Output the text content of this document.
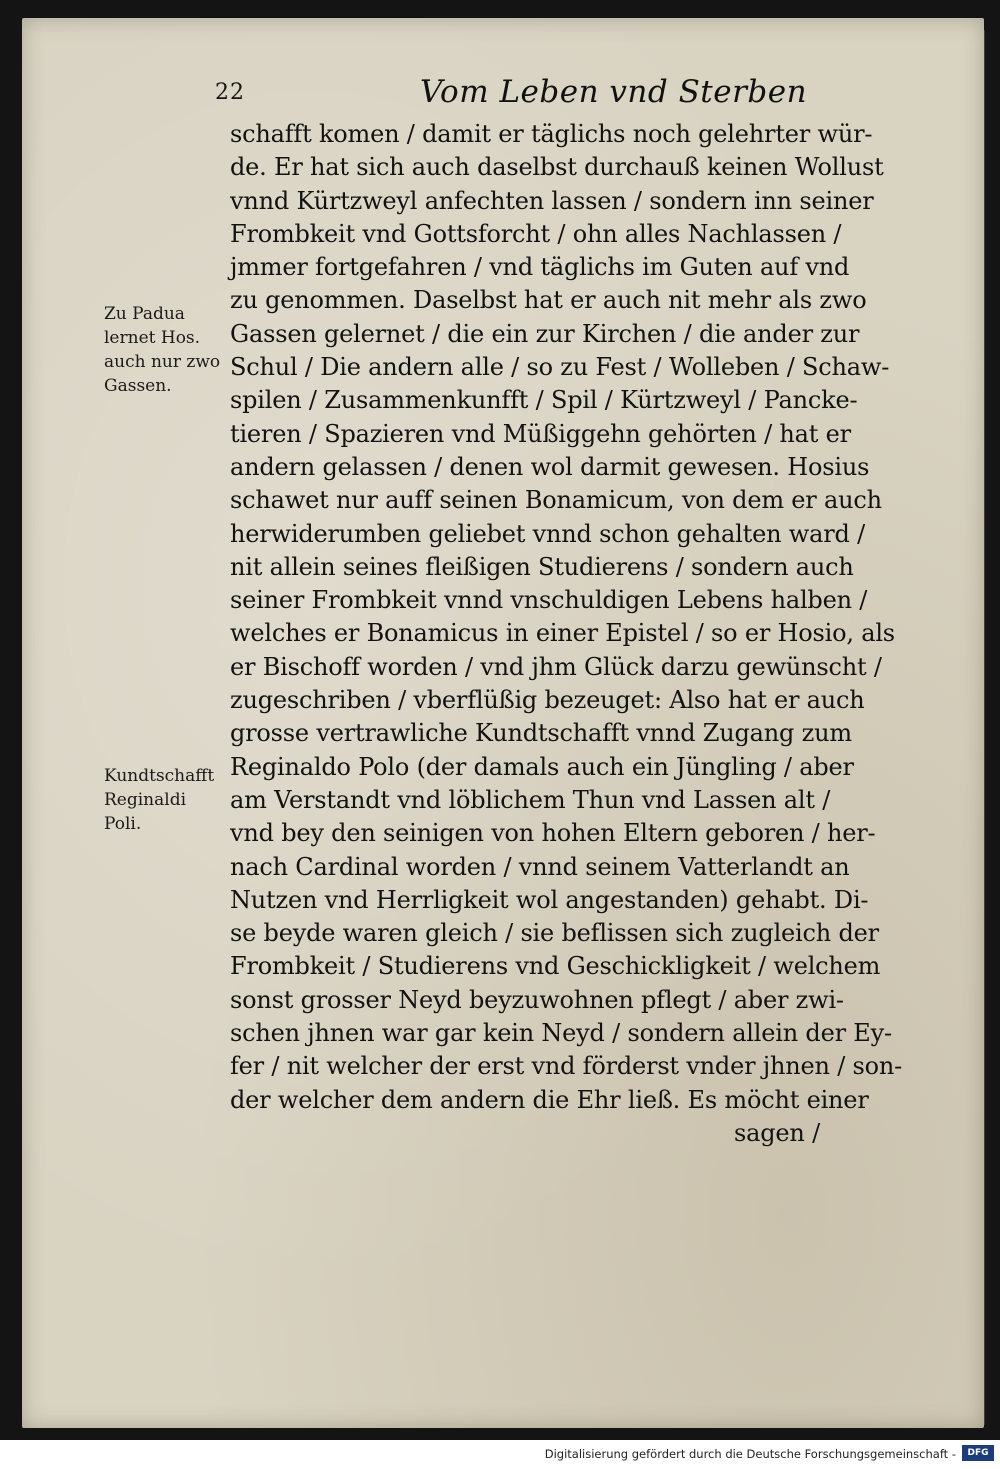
22	Vom Leben vnd Sterben
Zu Padua
lernet Hos.
auch nur zwo
Gassen.
Kundtschafft
Reginaldi
Poli.
schafft komen / damit er täglichs noch gelehrter wür-
de. Er hat sich auch daselbst durchauß keinen Wollust
vnnd Kürtzweyl anfechten lassen / sondern inn seiner
Frombkeit vnd Gottsforcht / ohn alles Nachlassen /
jmmer fortgefahren / vnd täglichs im Guten auf vnd
zu genommen. Daselbst hat er auch nit mehr als zwo
Gassen gelernet / die ein zur Kirchen / die ander zur
Schul / Die andern alle / so zu Fest / Wolleben / Schaw-
spilen / Zusammenkunfft / Spil / Kürtzweyl / Pancke-
tieren / Spazieren vnd Müßiggehn gehörten / hat er
andern gelassen / denen wol darmit gewesen. Hosius
schawet nur auff seinen Bonamicum, von dem er auch
herwiderumben geliebet vnnd schon gehalten ward /
nit allein seines fleißigen Studierens / sondern auch
seiner Frombkeit vnnd vnschuldigen Lebens halben /
welches er Bonamicus in einer Epistel / so er Hosio, als
er Bischoff worden / vnd jhm Glück darzu gewünscht /
zugeschriben / vberflüßig bezeuget: Also hat er auch
grosse vertrawliche Kundtschafft vnnd Zugang zum
Reginaldo Polo (der damals auch ein Jüngling / aber
am Verstandt vnd löblichem Thun vnd Lassen alt /
vnd bey den seinigen von hohen Eltern geboren / her-
nach Cardinal worden / vnnd seinem Vatterlandt an
Nutzen vnd Herrligkeit wol angestanden) gehabt. Di-
se beyde waren gleich / sie beflissen sich zugleich der
Frombkeit / Studierens vnd Geschickligkeit / welchem
sonst grosser Neyd beyzuwohnen pflegt / aber zwi-
schen jhnen war gar kein Neyd / sondern allein der Ey-
fer / nit welcher der erst vnd förderst vnder jhnen / son-
der welcher dem andern die Ehr ließ. Es möcht einer
sagen /
Digitalisierung gefördert durch die Deutsche Forschungsgemeinschaft -	DFG
